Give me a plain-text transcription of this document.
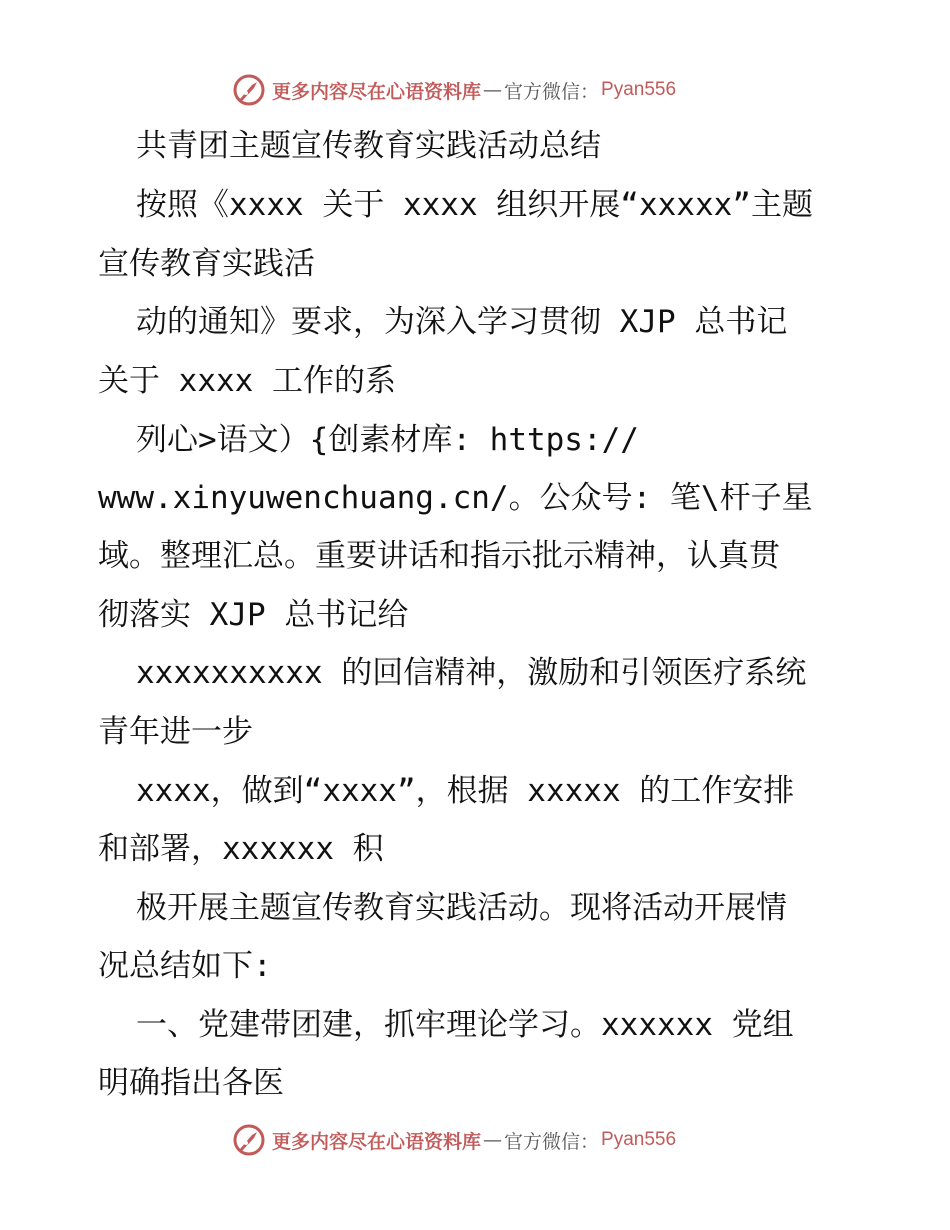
更多内容尽在心语资料库 — 官方微信： Pyan556
共青团主题宣传教育实践活动总结
按照《xxxx 关于 xxxx 组织开展“xxxxx”主题
宣传教育实践活
动的通知》要求，为深入学习贯彻 XJP 总书记
关于 xxxx 工作的系
列心>语文）{创素材库: https://
www.xinyuwenchuang.cn/。公众号: 笔\杆子星
域。整理汇总。重要讲话和指示批示精神，认真贯
彻落实 XJP 总书记给
xxxxxxxxxx 的回信精神，激励和引领医疗系统
青年进一步
xxxx，做到“xxxx”，根据 xxxxx 的工作安排
和部署，xxxxxx 积
极开展主题宣传教育实践活动。现将活动开展情
况总结如下:
一、党建带团建，抓牢理论学习。xxxxxx 党组
明确指出各医
更多内容尽在心语资料库 — 官方微信： Pyan556
